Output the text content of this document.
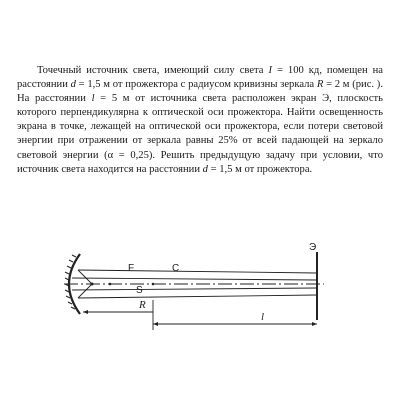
Точечный источник света, имеющий силу света I = 100 кд, помещен на расстоянии d = 1,5 м от прожектора с радиусом кривизны зеркала R = 2 м (рис. ). На расстоянии l = 5 м от источника света расположен экран Э, плоскость которого перпендикулярна к оптической оси прожектора. Найти освещенность экрана в точке, лежащей на оптической оси прожектора, если потери световой энергии при отражении от зеркала равны 25% от всей падающей на зеркало световой энергии (α = 0,25). Решить предыдущую задачу при условии, что источник света находится на расстоянии d = 1,5 м от прожектора.

Э
F	C
S
R
l
